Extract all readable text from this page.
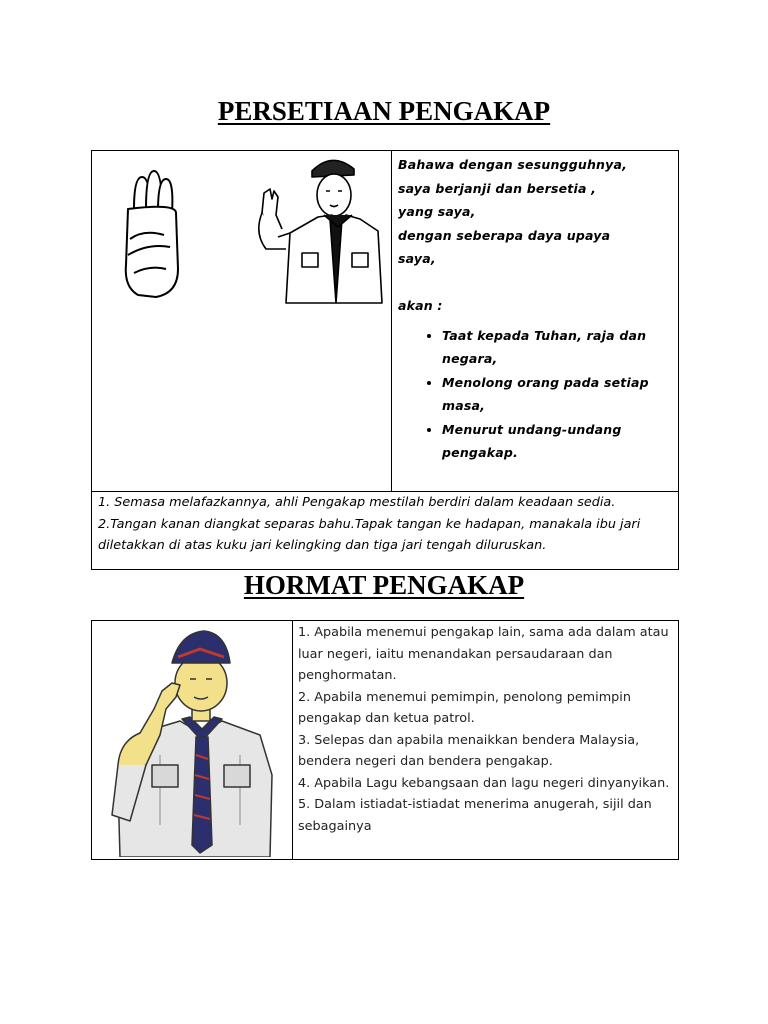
PERSETIAAN PENGAKAP

Bahawa dengan sesungguhnya,

saya berjanji dan bersetia ,

yang saya,

dengan seberapa daya upaya

saya,

akan :

• Taat kepada Tuhan, raja dan negara,
• Menolong orang pada setiap masa,
• Menurut undang-undang pengakap.

1. Semasa melafazkannya, ahli Pengakap mestilah berdiri dalam keadaan sedia.

2.Tangan kanan diangkat separas bahu.Tapak tangan ke hadapan, manakala ibu jari diletakkan di atas kuku jari kelingking dan tiga jari tengah diluruskan.

HORMAT PENGAKAP

1. Apabila menemui pengakap lain, sama ada dalam atau luar negeri, iaitu menandakan persaudaraan dan penghormatan.

2. Apabila menemui pemimpin, penolong pemimpin pengakap dan ketua patrol.

3. Selepas dan apabila menaikkan bendera Malaysia, bendera negeri dan bendera pengakap.

4. Apabila Lagu kebangsaan dan lagu negeri dinyanyikan.

5. Dalam istiadat-istiadat menerima anugerah, sijil dan sebagainya
